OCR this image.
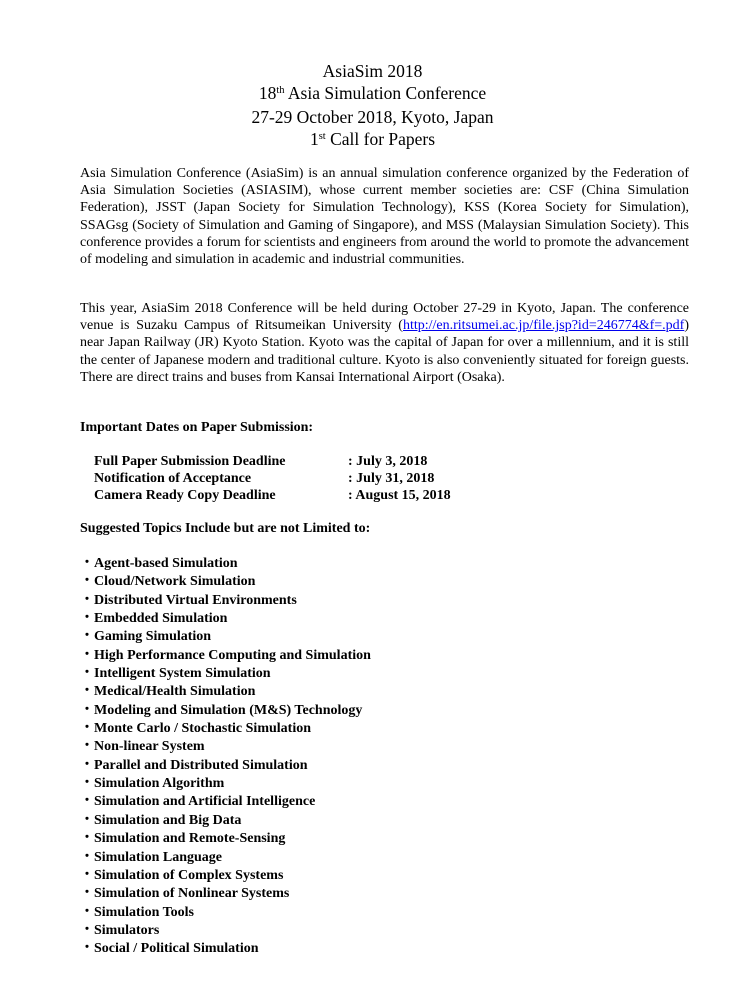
AsiaSim 2018
18th Asia Simulation Conference
27-29 October 2018, Kyoto, Japan
1st Call for Papers

Asia Simulation Conference (AsiaSim) is an annual simulation conference organized by the Federation of Asia Simulation Societies (ASIASIM), whose current member societies are: CSF (China Simulation Federation), JSST (Japan Society for Simulation Technology), KSS (Korea Society for Simulation), SSAGsg (Society of Simulation and Gaming of Singapore), and MSS (Malaysian Simulation Society). This conference provides a forum for scientists and engineers from around the world to promote the advancement of modeling and simulation in academic and industrial communities.

This year, AsiaSim 2018 Conference will be held during October 27-29 in Kyoto, Japan. The conference venue is Suzaku Campus of Ritsumeikan University (http://en.ritsumei.ac.jp/file.jsp?id=246774&f=.pdf) near Japan Railway (JR) Kyoto Station. Kyoto was the capital of Japan for over a millennium, and it is still the center of Japanese modern and traditional culture. Kyoto is also conveniently situated for foreign guests. There are direct trains and buses from Kansai International Airport (Osaka).

Important Dates on Paper Submission:
Full Paper Submission Deadline	: July 3, 2018
Notification of Acceptance	: July 31, 2018
Camera Ready Copy Deadline	: August 15, 2018
Suggested Topics Include but are not Limited to:
・ Agent-based Simulation
・ Cloud/Network Simulation
・ Distributed Virtual Environments
・ Embedded Simulation
・ Gaming Simulation
・ High Performance Computing and Simulation
・ Intelligent System Simulation
・ Medical/Health Simulation
・ Modeling and Simulation (M&S) Technology
・ Monte Carlo / Stochastic Simulation
・ Non-linear System
・ Parallel and Distributed Simulation
・ Simulation Algorithm
・ Simulation and Artificial Intelligence
・ Simulation and Big Data
・ Simulation and Remote-Sensing
・ Simulation Language
・ Simulation of Complex Systems
・ Simulation of Nonlinear Systems
・ Simulation Tools
・ Simulators
・ Social / Political Simulation
